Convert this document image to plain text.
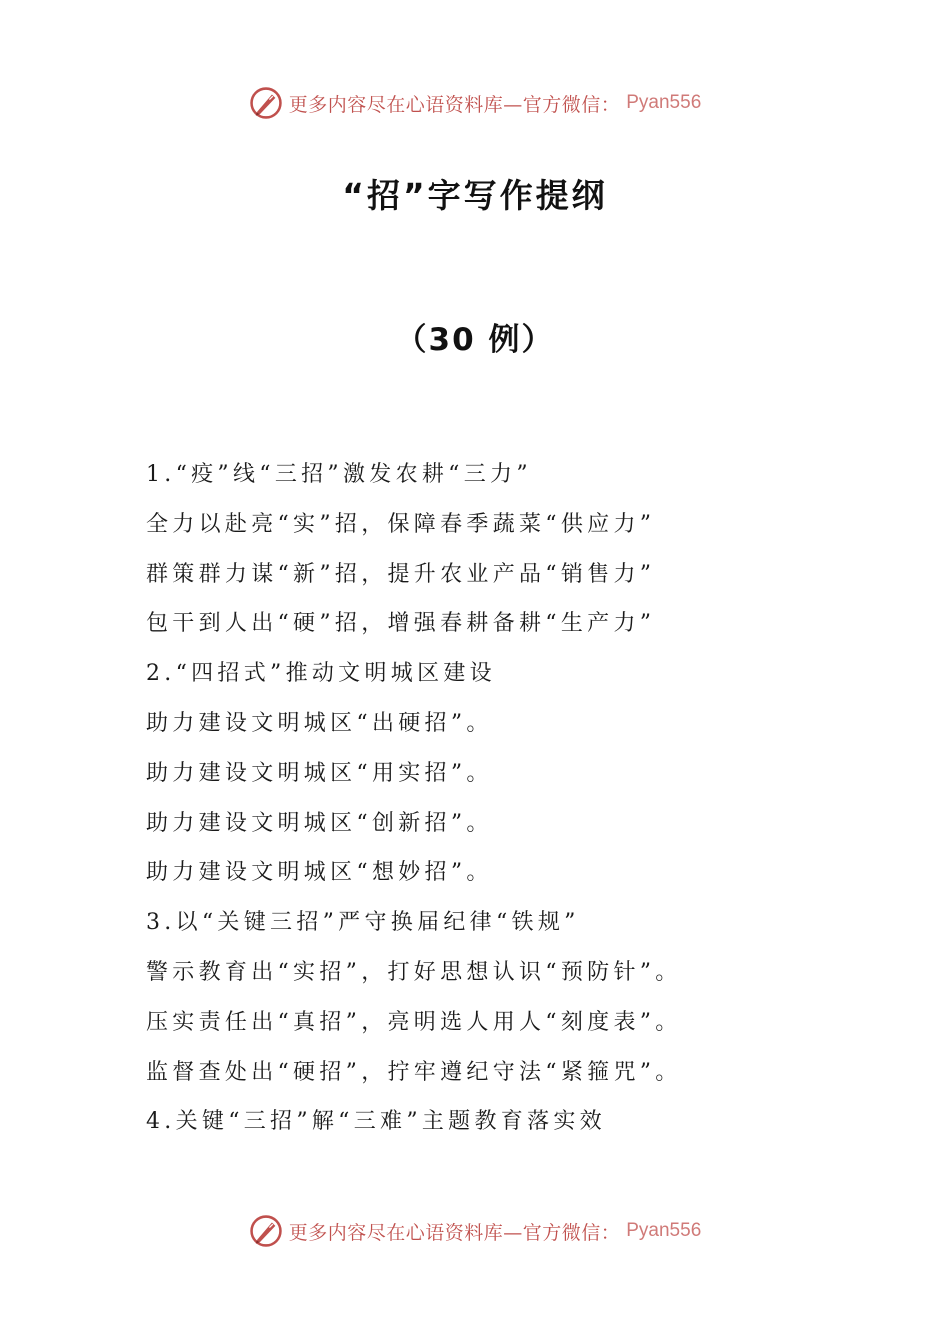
更多内容尽在心语资料库—官方微信： Pyan556
“招”字写作提纲
（30 例）
1.“疫”线“三招”激发农耕“三力”
全力以赴亮“实”招，保障春季蔬菜“供应力”
群策群力谋“新”招，提升农业产品“销售力”
包干到人出“硬”招，增强春耕备耕“生产力”
2.“四招式”推动文明城区建设
助力建设文明城区“出硬招”。
助力建设文明城区“用实招”。
助力建设文明城区“创新招”。
助力建设文明城区“想妙招”。
3.以“关键三招”严守换届纪律“铁规”
警示教育出“实招”，打好思想认识“预防针”。
压实责任出“真招”，亮明选人用人“刻度表”。
监督查处出“硬招”，拧牢遵纪守法“紧箍咒”。
4.关键“三招”解“三难”主题教育落实效
更多内容尽在心语资料库—官方微信： Pyan556
